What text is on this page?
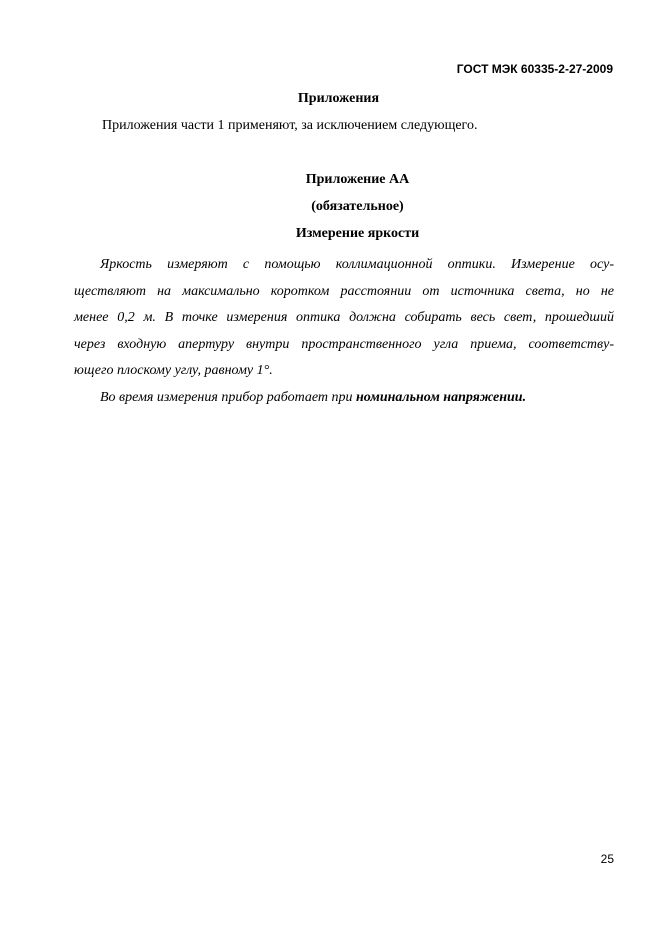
ГОСТ МЭК 60335-2-27-2009
Приложения
Приложения части 1 применяют, за исключением следующего.
Приложение АА
(обязательное)
Измерение яркости
Яркость измеряют с помощью коллимационной оптики. Измерение осу-
ществляют на максимально коротком расстоянии от источника света, но не
менее 0,2 м. В точке измерения оптика должна собирать весь свет, прошедший
через входную апертуру внутри пространственного угла приема, соответству-
ющего плоскому углу, равному 1°.
Во время измерения прибор работает при номинальном напряжении.
25
